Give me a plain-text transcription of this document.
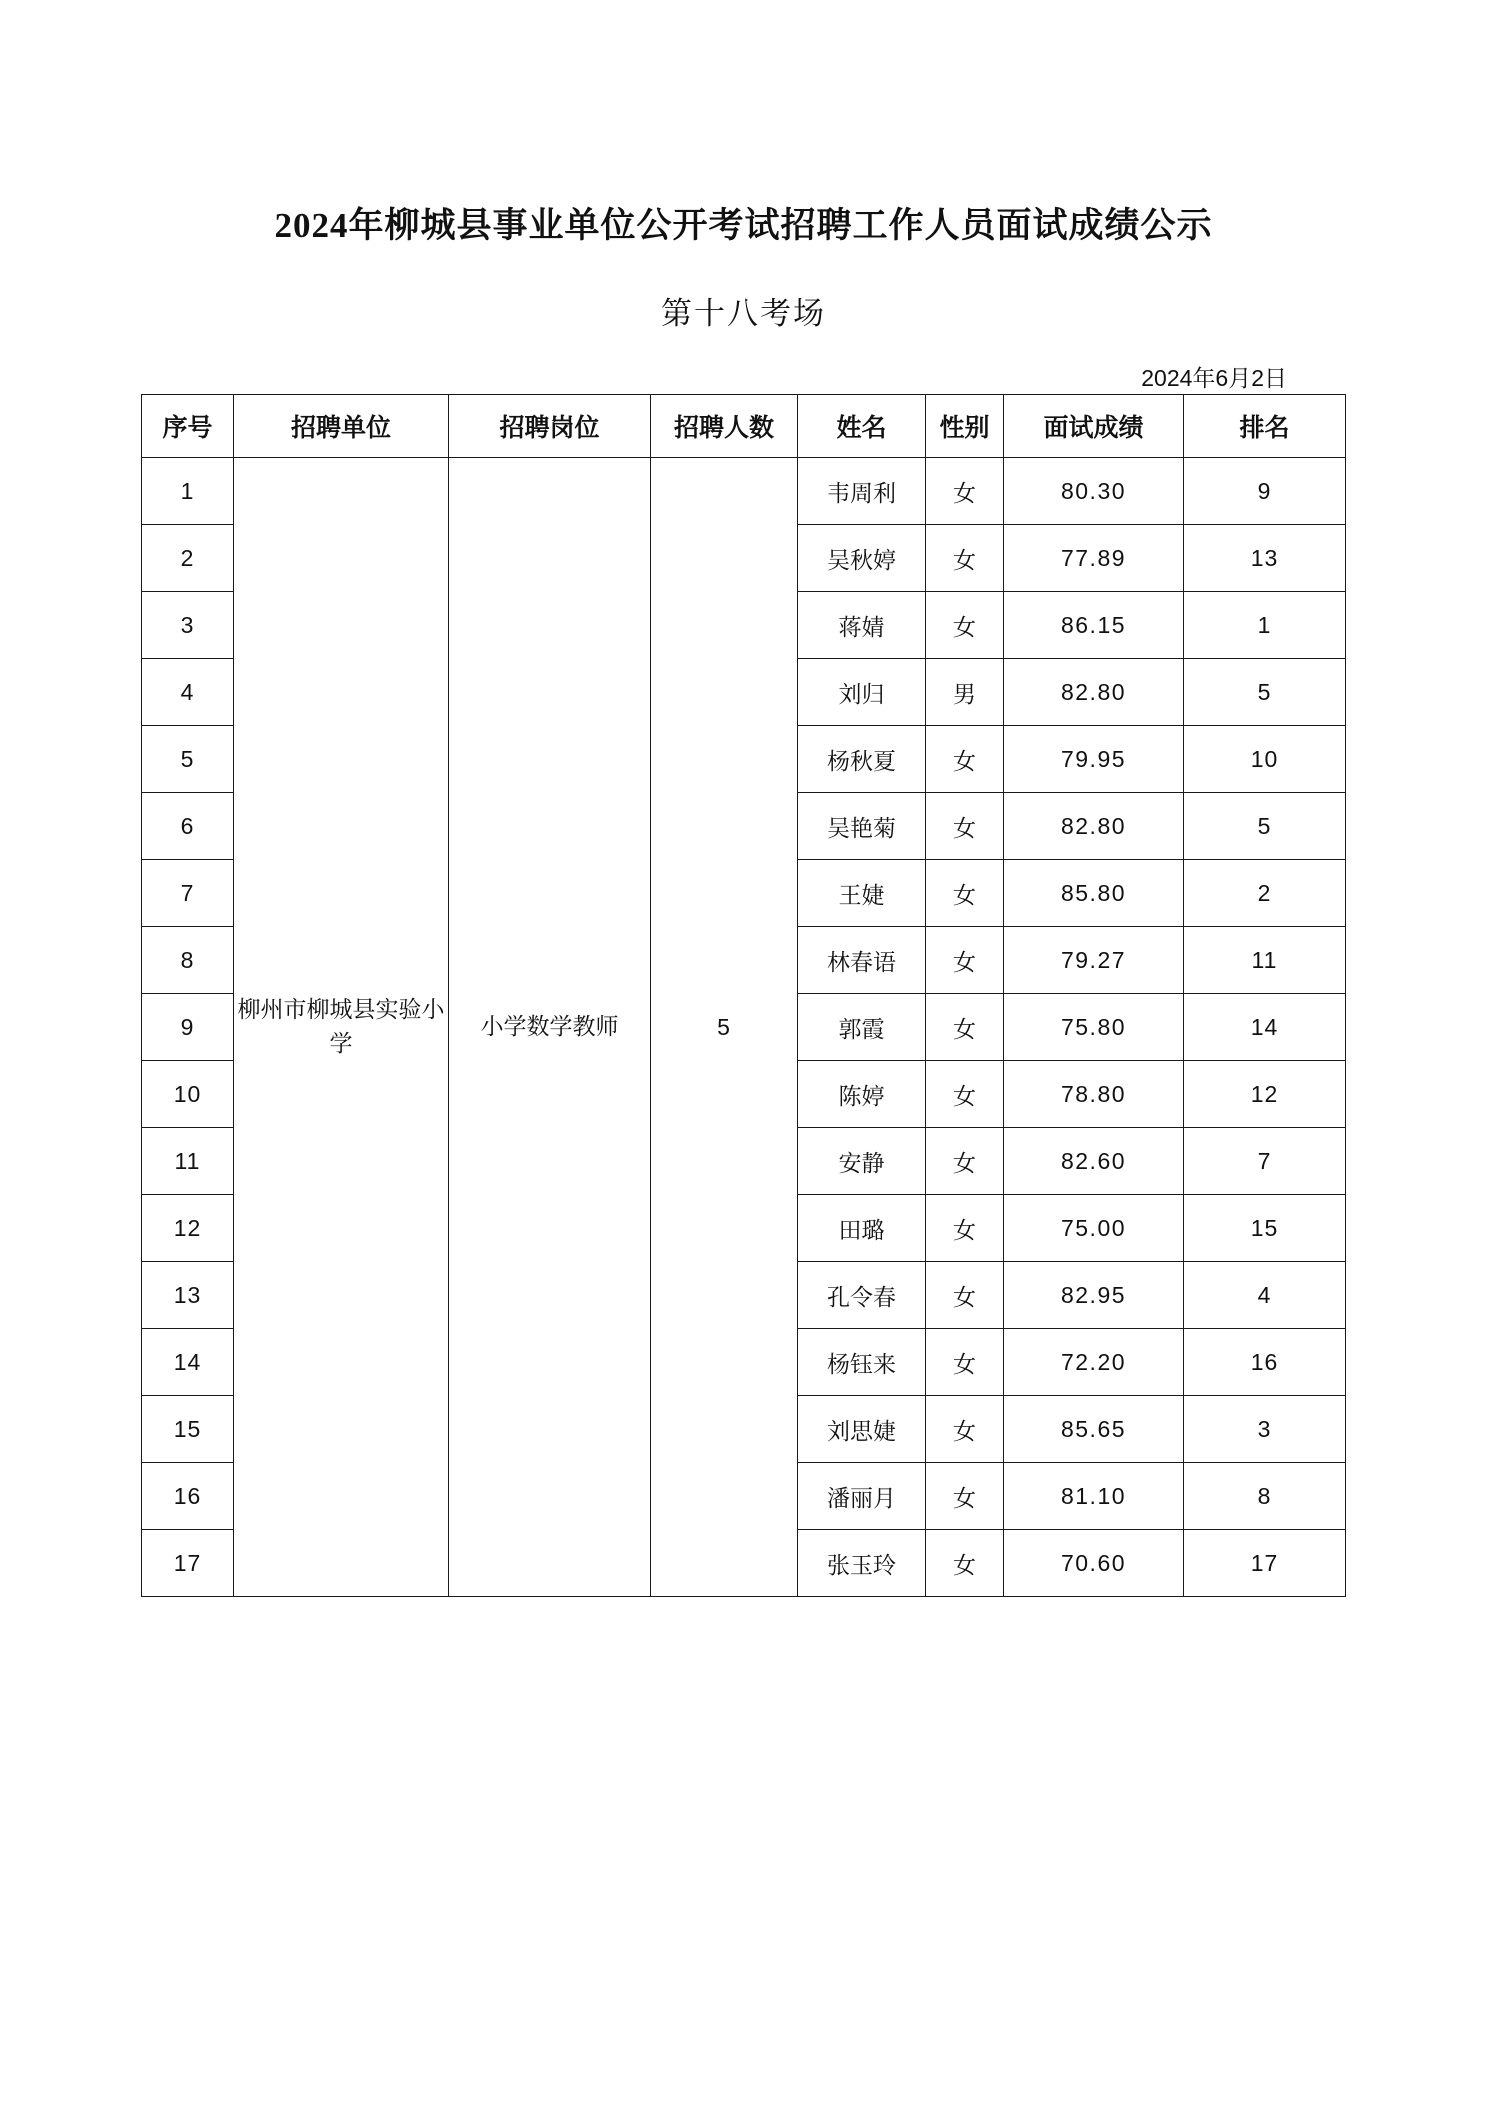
2024年柳城县事业单位公开考试招聘工作人员面试成绩公示
第十八考场
2024年6月2日
序号	招聘单位	招聘岗位	招聘人数	姓名	性别	面试成绩	排名
1	柳州市柳城县实验小学	小学数学教师	5	韦周利	女	80.30	9
2				吴秋婷	女	77.89	13
3				蒋婧	女	86.15	1
4				刘归	男	82.80	5
5				杨秋夏	女	79.95	10
6				吴艳菊	女	82.80	5
7				王婕	女	85.80	2
8				林春语	女	79.27	11
9				郭霞	女	75.80	14
10				陈婷	女	78.80	12
11				安静	女	82.60	7
12				田璐	女	75.00	15
13				孔令春	女	82.95	4
14				杨钰来	女	72.20	16
15				刘思婕	女	85.65	3
16				潘丽月	女	81.10	8
17				张玉玲	女	70.60	17
